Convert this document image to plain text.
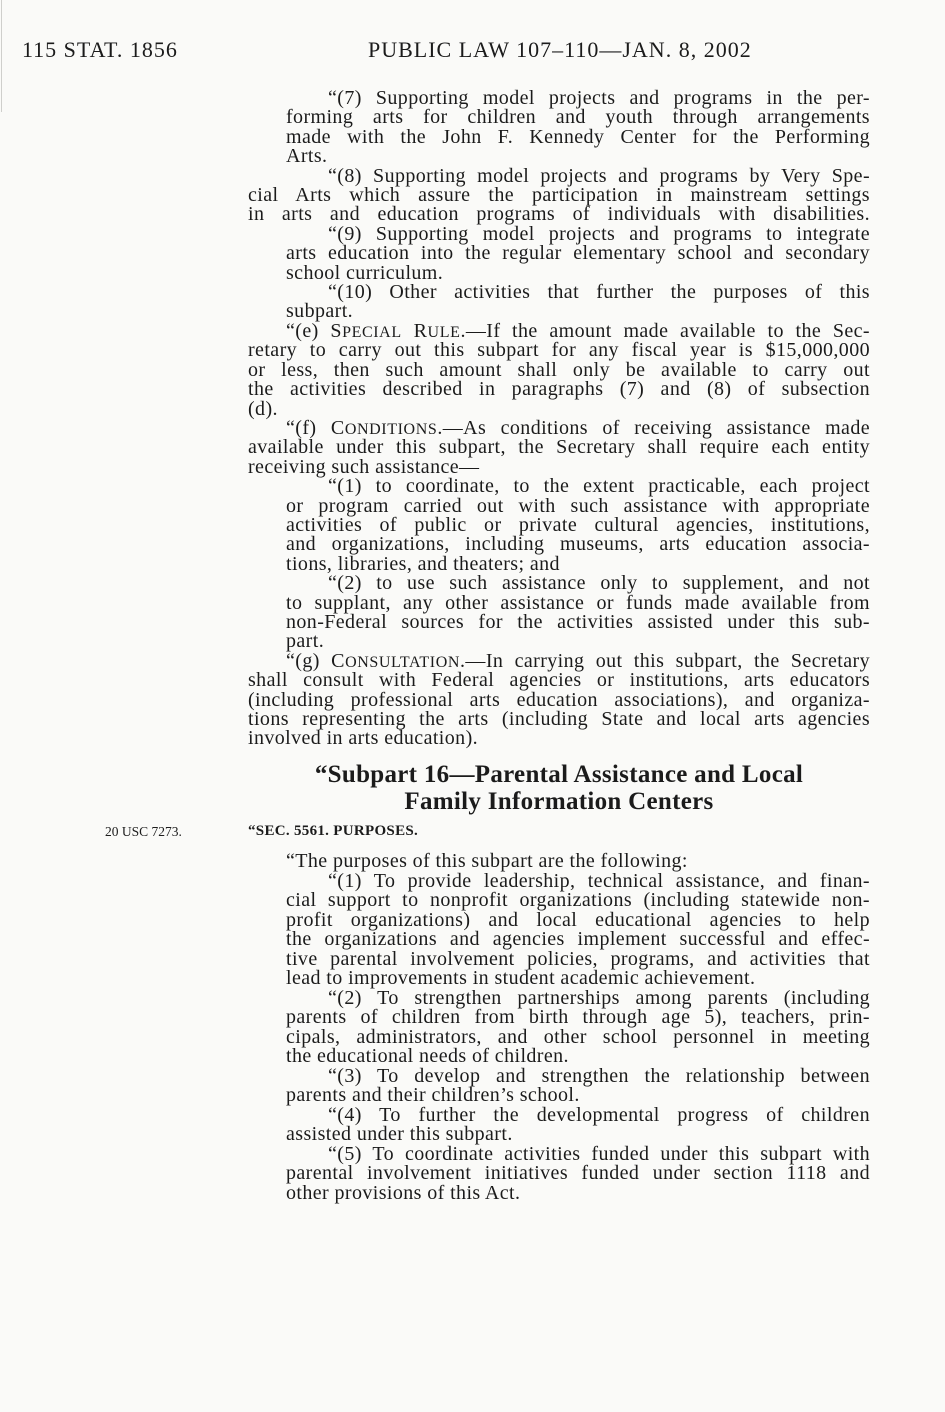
115 STAT. 1856	PUBLIC LAW 107–110—JAN. 8, 2002
“(7) Supporting model projects and programs in the per-
forming arts for children and youth through arrangements
made with the John F. Kennedy Center for the Performing
Arts.
“(8) Supporting model projects and programs by Very Spe-
cial Arts which assure the participation in mainstream settings
in arts and education programs of individuals with disabilities.
“(9) Supporting model projects and programs to integrate
arts education into the regular elementary school and secondary
school curriculum.
“(10) Other activities that further the purposes of this
subpart.
“(e) SPECIAL RULE.—If the amount made available to the Sec-
retary to carry out this subpart for any fiscal year is $15,000,000
or less, then such amount shall only be available to carry out
the activities described in paragraphs (7) and (8) of subsection
(d).
“(f) CONDITIONS.—As conditions of receiving assistance made
available under this subpart, the Secretary shall require each entity
receiving such assistance—
“(1) to coordinate, to the extent practicable, each project
or program carried out with such assistance with appropriate
activities of public or private cultural agencies, institutions,
and organizations, including museums, arts education associa-
tions, libraries, and theaters; and
“(2) to use such assistance only to supplement, and not
to supplant, any other assistance or funds made available from
non-Federal sources for the activities assisted under this sub-
part.
“(g) CONSULTATION.—In carrying out this subpart, the Secretary
shall consult with Federal agencies or institutions, arts educators
(including professional arts education associations), and organiza-
tions representing the arts (including State and local arts agencies
involved in arts education).
“Subpart 16—Parental Assistance and Local
Family Information Centers
20 USC 7273.	“SEC. 5561. PURPOSES.
“The purposes of this subpart are the following:
“(1) To provide leadership, technical assistance, and finan-
cial support to nonprofit organizations (including statewide non-
profit organizations) and local educational agencies to help
the organizations and agencies implement successful and effec-
tive parental involvement policies, programs, and activities that
lead to improvements in student academic achievement.
“(2) To strengthen partnerships among parents (including
parents of children from birth through age 5), teachers, prin-
cipals, administrators, and other school personnel in meeting
the educational needs of children.
“(3) To develop and strengthen the relationship between
parents and their children’s school.
“(4) To further the developmental progress of children
assisted under this subpart.
“(5) To coordinate activities funded under this subpart with
parental involvement initiatives funded under section 1118 and
other provisions of this Act.
